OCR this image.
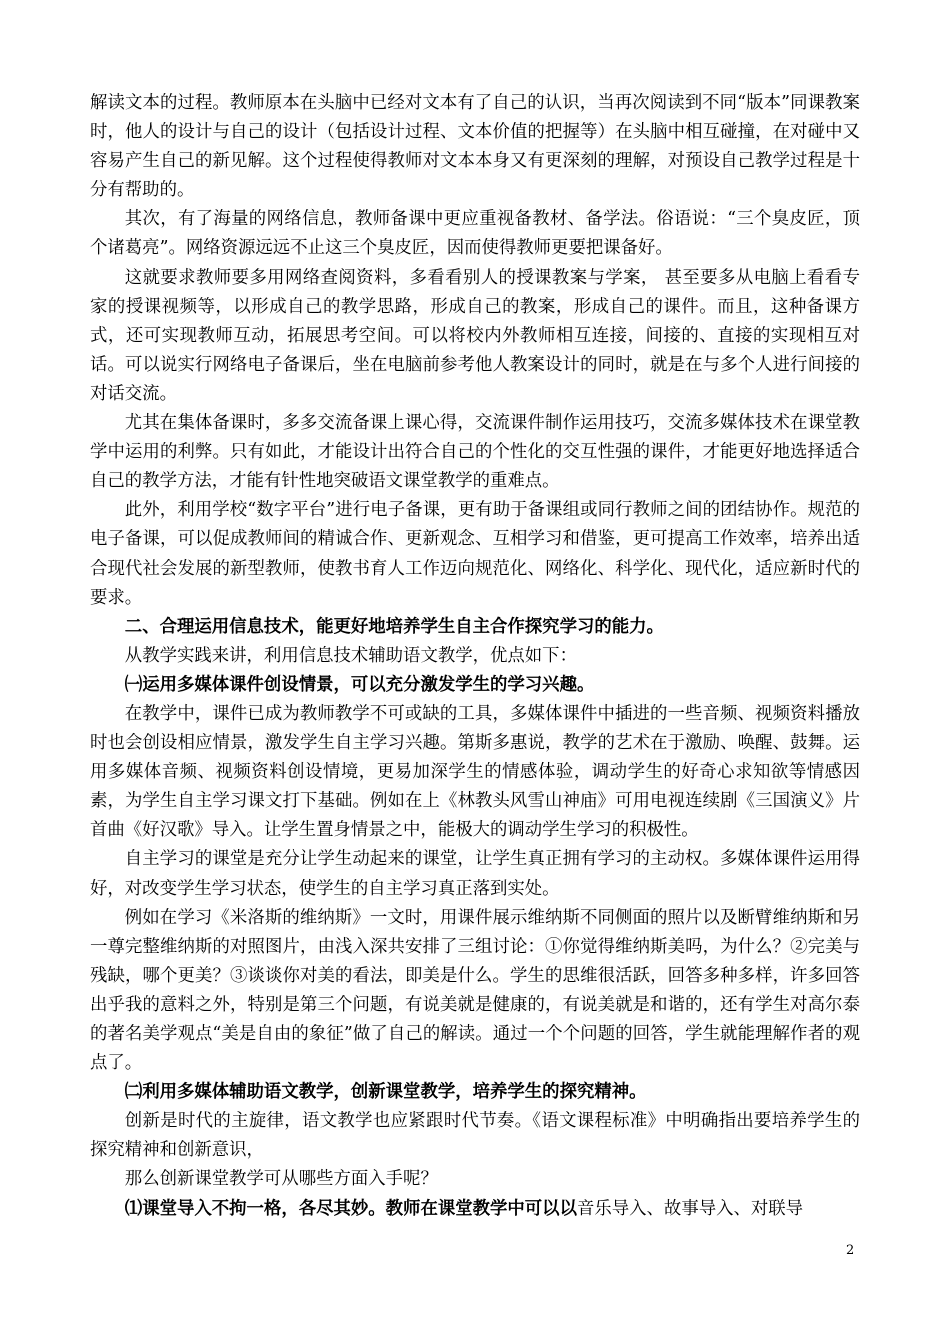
解读文本的过程。教师原本在头脑中已经对文本有了自己的认识，当再次阅读到不同“版本”同课教案时，他人的设计与自己的设计（包括设计过程、文本价值的把握等）在头脑中相互碰撞，在对碰中又容易产生自己的新见解。这个过程使得教师对文本本身又有更深刻的理解，对预设自己教学过程是十分有帮助的。

其次，有了海量的网络信息，教师备课中更应重视备教材、备学法。俗语说：“三个臭皮匠，顶个诸葛亮”。网络资源远远不止这三个臭皮匠，因而使得教师更要把课备好。

这就要求教师要多用网络查阅资料，多看看别人的授课教案与学案， 甚至要多从电脑上看看专家的授课视频等，以形成自己的教学思路，形成自己的教案，形成自己的课件。而且，这种备课方式，还可实现教师互动，拓展思考空间。可以将校内外教师相互连接，间接的、直接的实现相互对话。可以说实行网络电子备课后，坐在电脑前参考他人教案设计的同时，就是在与多个人进行间接的对话交流。

尤其在集体备课时，多多交流备课上课心得，交流课件制作运用技巧，交流多媒体技术在课堂教学中运用的利弊。只有如此，才能设计出符合自己的个性化的交互性强的课件，才能更好地选择适合自己的教学方法，才能有针性地突破语文课堂教学的重难点。

此外，利用学校“数字平台”进行电子备课，更有助于备课组或同行教师之间的团结协作。规范的电子备课，可以促成教师间的精诚合作、更新观念、互相学习和借鉴，更可提高工作效率，培养出适合现代社会发展的新型教师，使教书育人工作迈向规范化、网络化、科学化、现代化，适应新时代的要求。

二、合理运用信息技术，能更好地培养学生自主合作探究学习的能力。

从教学实践来讲，利用信息技术辅助语文教学，优点如下：

㈠运用多媒体课件创设情景，可以充分激发学生的学习兴趣。

在教学中，课件已成为教师教学不可或缺的工具，多媒体课件中插进的一些音频、视频资料播放时也会创设相应情景，激发学生自主学习兴趣。第斯多惠说，教学的艺术在于激励、唤醒、鼓舞。运用多媒体音频、视频资料创设情境，更易加深学生的情感体验，调动学生的好奇心求知欲等情感因素，为学生自主学习课文打下基础。例如在上《林教头风雪山神庙》可用电视连续剧《三国演义》片首曲《好汉歌》导入。让学生置身情景之中，能极大的调动学生学习的积极性。

自主学习的课堂是充分让学生动起来的课堂，让学生真正拥有学习的主动权。多媒体课件运用得好，对改变学生学习状态，使学生的自主学习真正落到实处。

例如在学习《米洛斯的维纳斯》一文时，用课件展示维纳斯不同侧面的照片以及断臂维纳斯和另一尊完整维纳斯的对照图片，由浅入深共安排了三组讨论：①你觉得维纳斯美吗，为什么？②完美与残缺，哪个更美？③谈谈你对美的看法，即美是什么。学生的思维很活跃，回答多种多样，许多回答出乎我的意料之外，特别是第三个问题，有说美就是健康的，有说美就是和谐的，还有学生对高尔泰的著名美学观点“美是自由的象征”做了自己的解读。通过一个个问题的回答，学生就能理解作者的观点了。

㈡利用多媒体辅助语文教学，创新课堂教学，培养学生的探究精神。

创新是时代的主旋律，语文教学也应紧跟时代节奏。《语文课程标准》中明确指出要培养学生的探究精神和创新意识，

那么创新课堂教学可从哪些方面入手呢？

⑴课堂导入不拘一格，各尽其妙。教师在课堂教学中可以以音乐导入、故事导入、对联导

2
